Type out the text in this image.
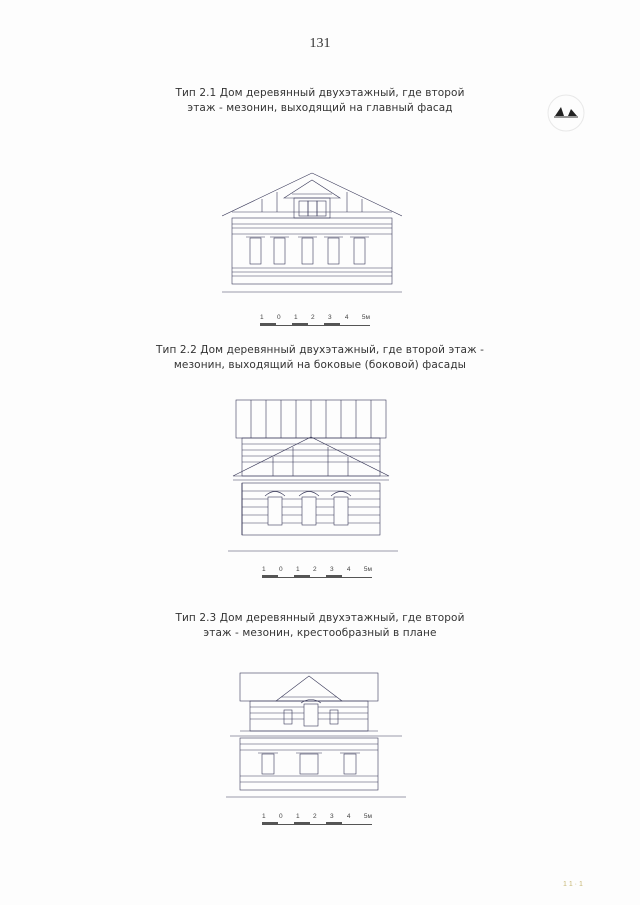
131
Тип 2.1 Дом деревянный двухэтажный, где второй
этаж - мезонин, выходящий на главный фасад
1 0 1 2 3 4 5м
Тип 2.2 Дом деревянный двухэтажный, где второй этаж -
мезонин, выходящий на боковые (боковой) фасады
1 0 1 2 3 4 5м
Тип 2.3 Дом деревянный двухэтажный, где второй
этаж - мезонин, крестообразный в плане
1 0 1 2 3 4 5м
1 1 · 1
